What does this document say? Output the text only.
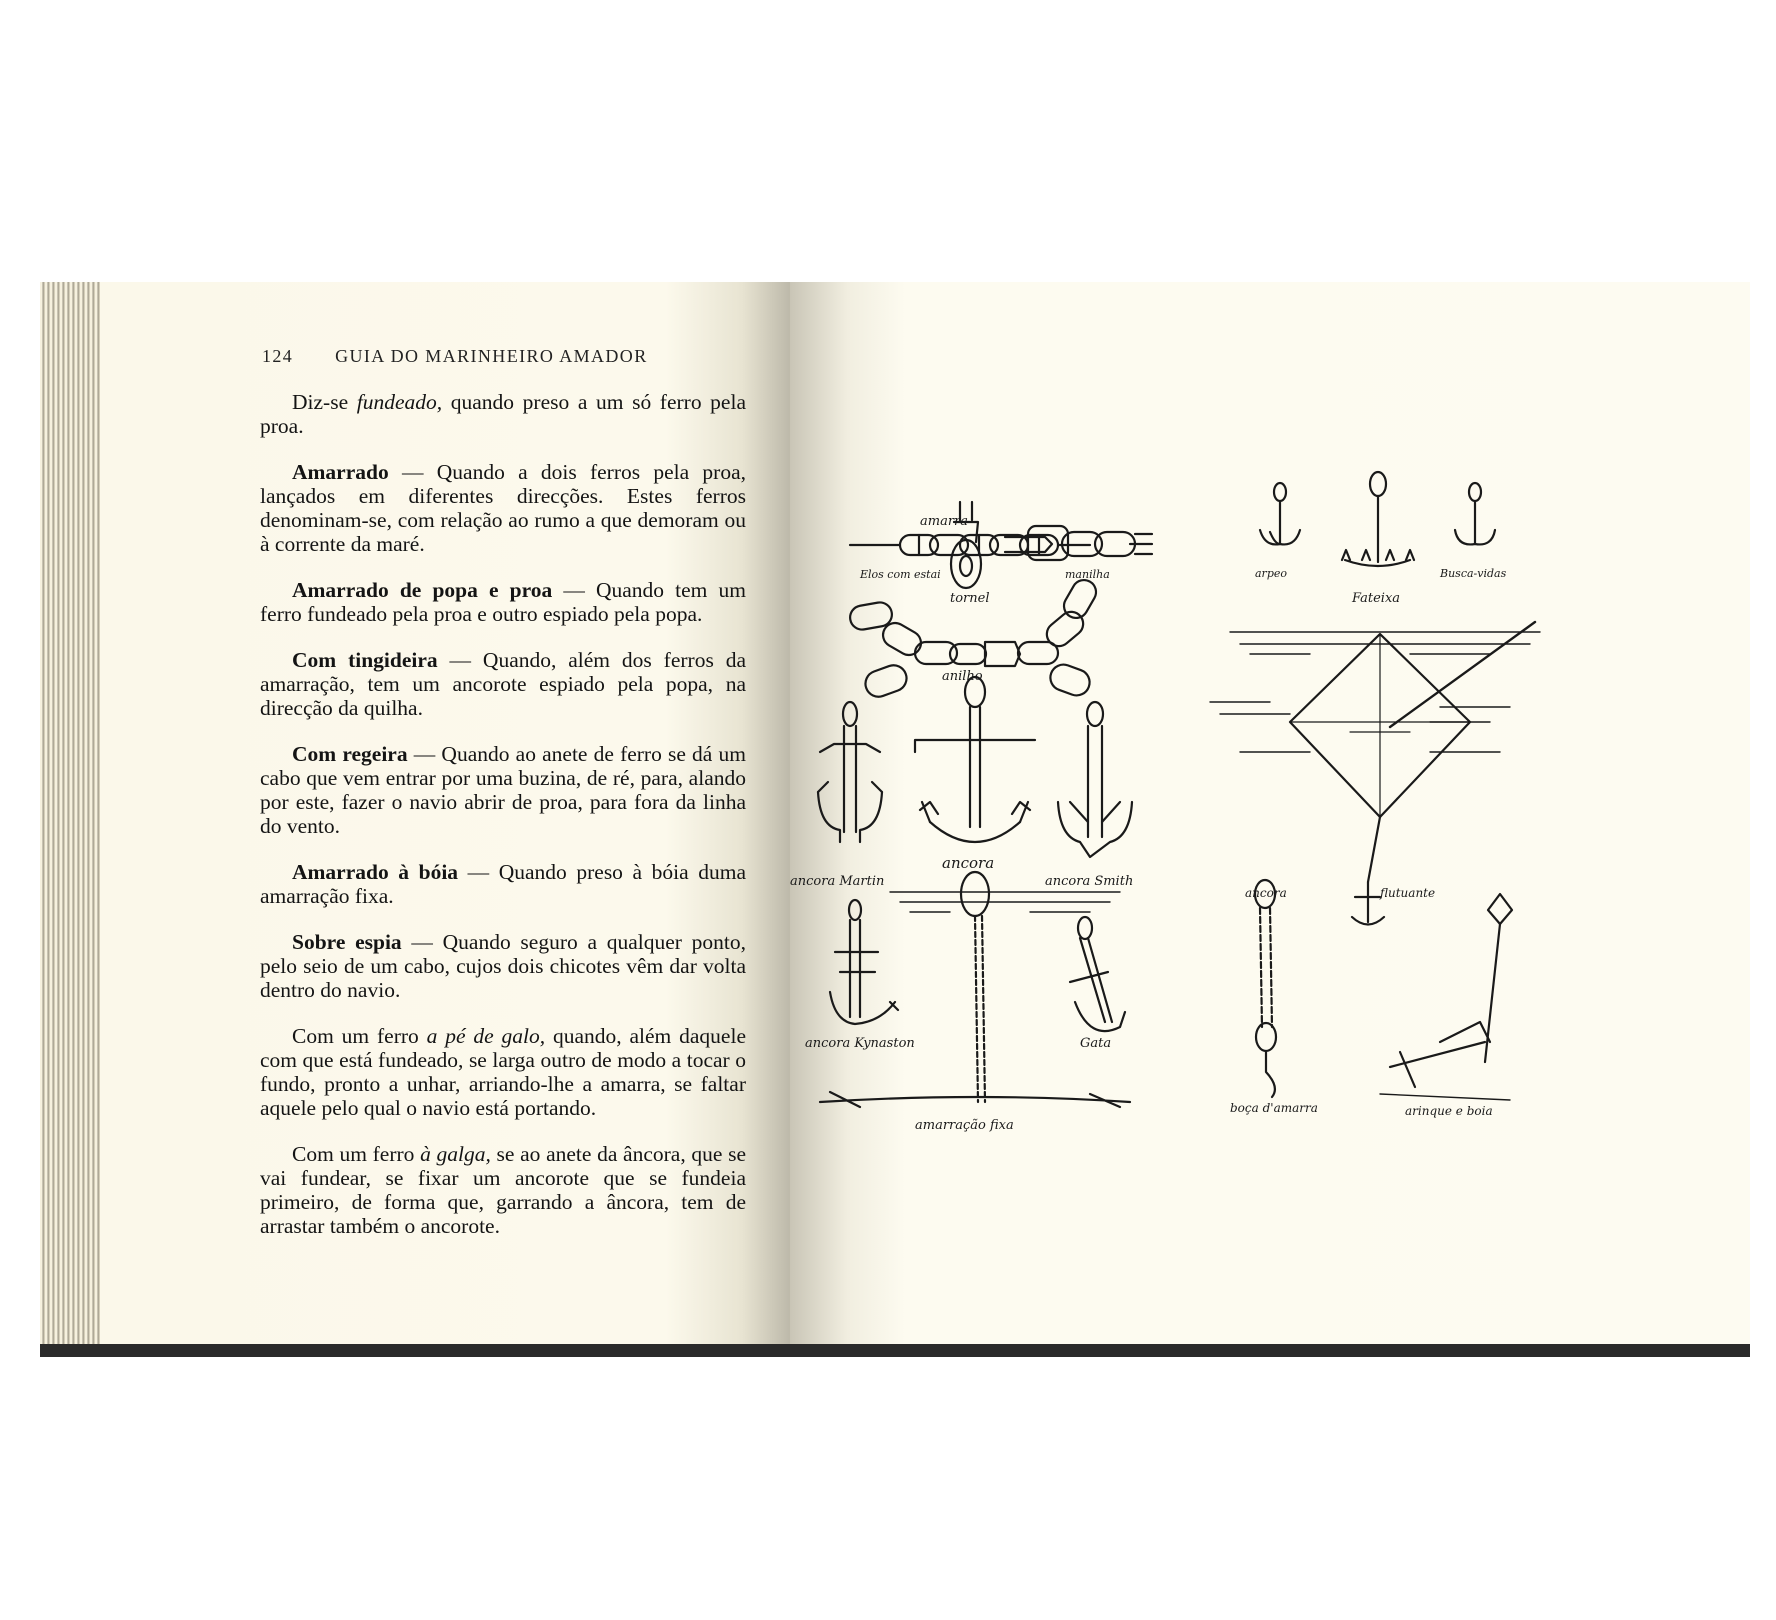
124 GUIA DO MARINHEIRO AMADOR

Diz-se fundeado, quando preso a um só ferro pela proa.

Amarrado — Quando a dois ferros pela proa, lançados em diferentes direcções. Estes ferros denominam-se, com relação ao rumo a que demoram ou à corrente da maré.

Amarrado de popa e proa — Quando tem um ferro fundeado pela proa e outro espiado pela popa.

Com tingideira — Quando, além dos ferros da amarração, tem um ancorote espiado pela popa, na direcção da quilha.

Com regeira — Quando ao anete de ferro se dá um cabo que vem entrar por uma buzina, de ré, para, alando por este, fazer o navio abrir de proa, para fora da linha do vento.

Amarrado à bóia — Quando preso à bóia duma amarração fixa.

Sobre espia — Quando seguro a qualquer ponto, pelo seio de um cabo, cujos dois chicotes vêm dar volta dentro do navio.

Com um ferro a pé de galo, quando, além daquele com que está fundeado, se larga outro de modo a tocar o fundo, pronto a unhar, arriando-lhe a amarra, se faltar aquele pelo qual o navio está portando.

Com um ferro à galga, se ao anete da âncora, que se vai fundear, se fixar um ancorote que se fundeia primeiro, de forma que, garrando a âncora, tem de arrastar também o ancorote.

amarra
Elos com estai
tornel
manilha
anilho
ancora Martin
ancora
ancora Smith
ancora Kynaston
amarração fixa
Gata
arpeo
Fateixa
Busca-vidas
ancora	flutuante
boça d'amarra	arinque e boia
